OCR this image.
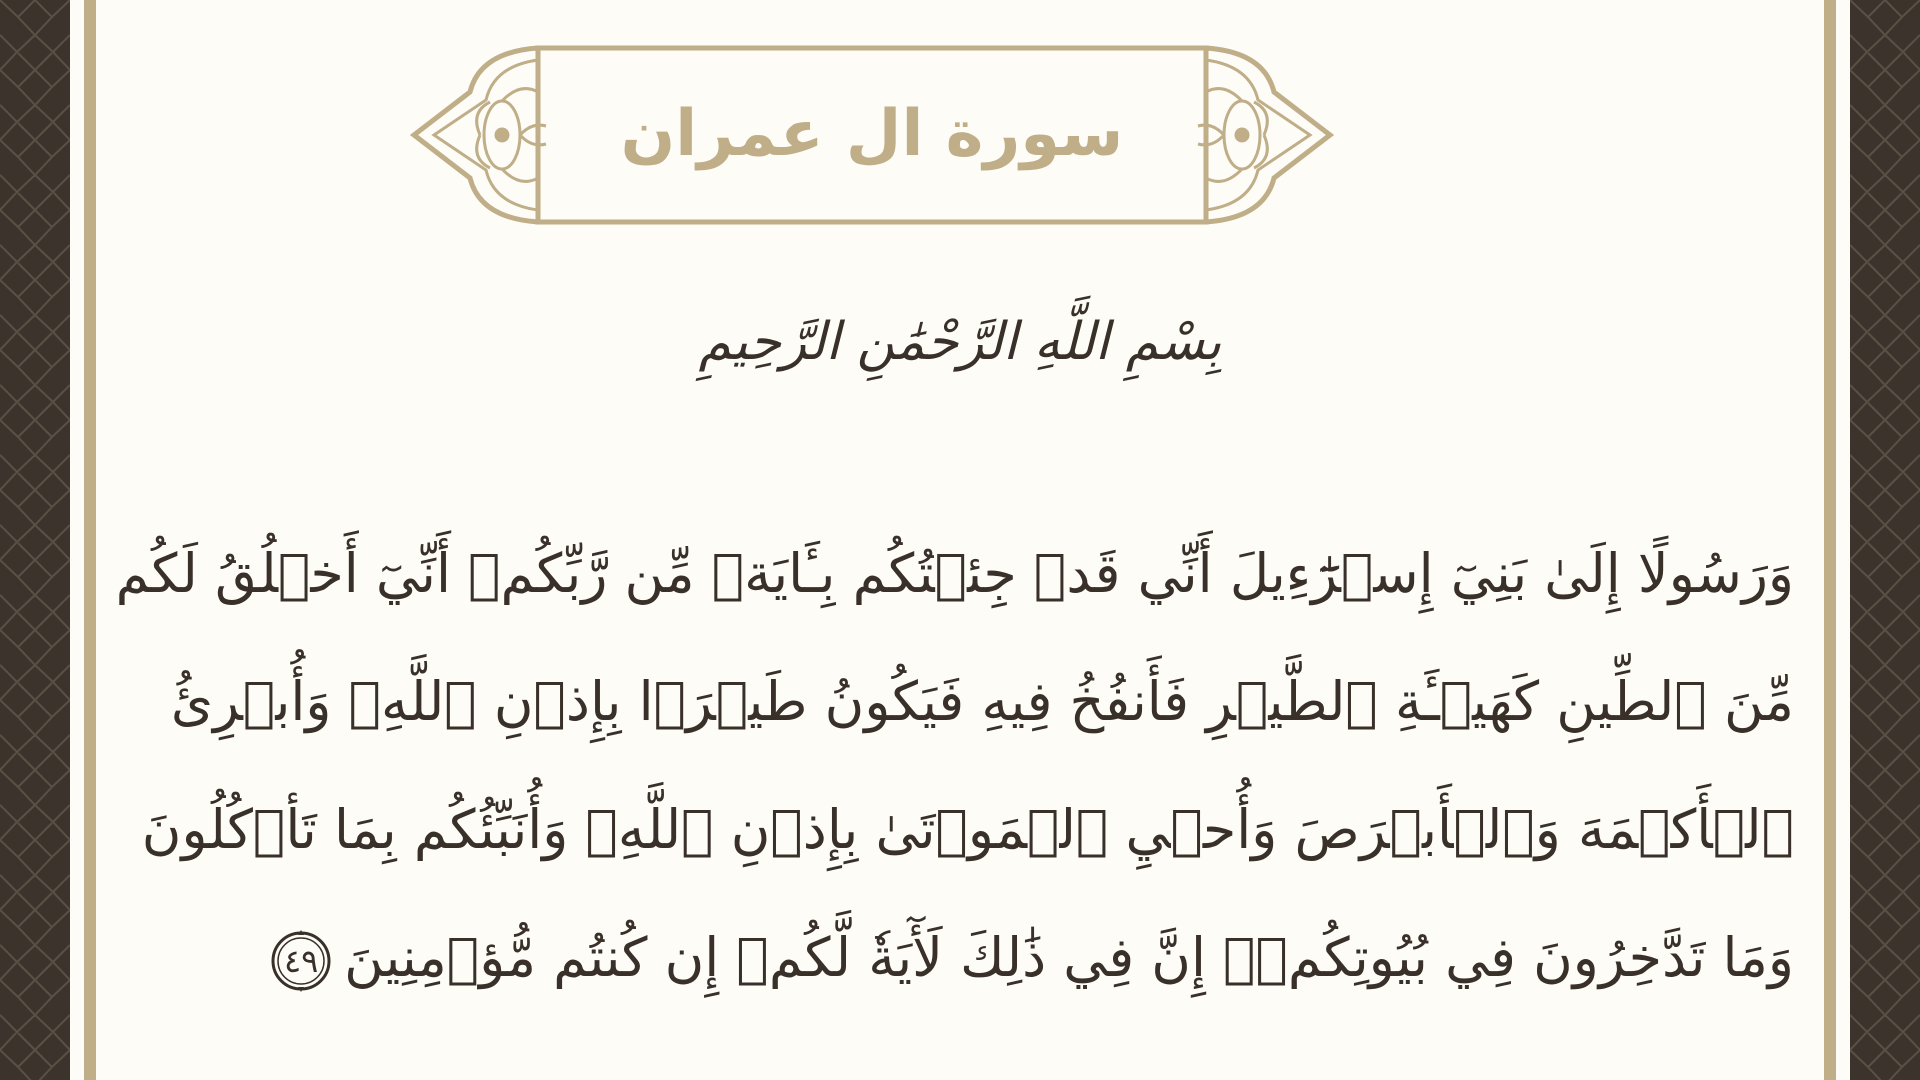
سورة ال عمران
بِسْمِ اللَّهِ الرَّحْمَٰنِ الرَّحِيمِ
وَرَسُولًا إِلَىٰ بَنِيٓ إِسۡرَٰٓءِيلَ أَنِّي قَدۡ جِئۡتُكُم بِـَٔايَةٖ مِّن رَّبِّكُمۡ أَنِّيٓ أَخۡلُقُ لَكُم
مِّنَ ٱلطِّينِ كَهَيۡـَٔةِ ٱلطَّيۡرِ فَأَنفُخُ فِيهِ فَيَكُونُ طَيۡرَۢا بِإِذۡنِ ٱللَّهِۖ وَأُبۡرِئُ
ٱلۡأَكۡمَهَ وَٱلۡأَبۡرَصَ وَأُحۡيِ ٱلۡمَوۡتَىٰ بِإِذۡنِ ٱللَّهِۖ وَأُنَبِّئُكُم بِمَا تَأۡكُلُونَ
وَمَا تَدَّخِرُونَ فِي بُيُوتِكُمۡۚ إِنَّ فِي ذَٰلِكَ لَأٓيَةٗ لَّكُمۡ إِن كُنتُم مُّؤۡمِنِينَ
٤٩
